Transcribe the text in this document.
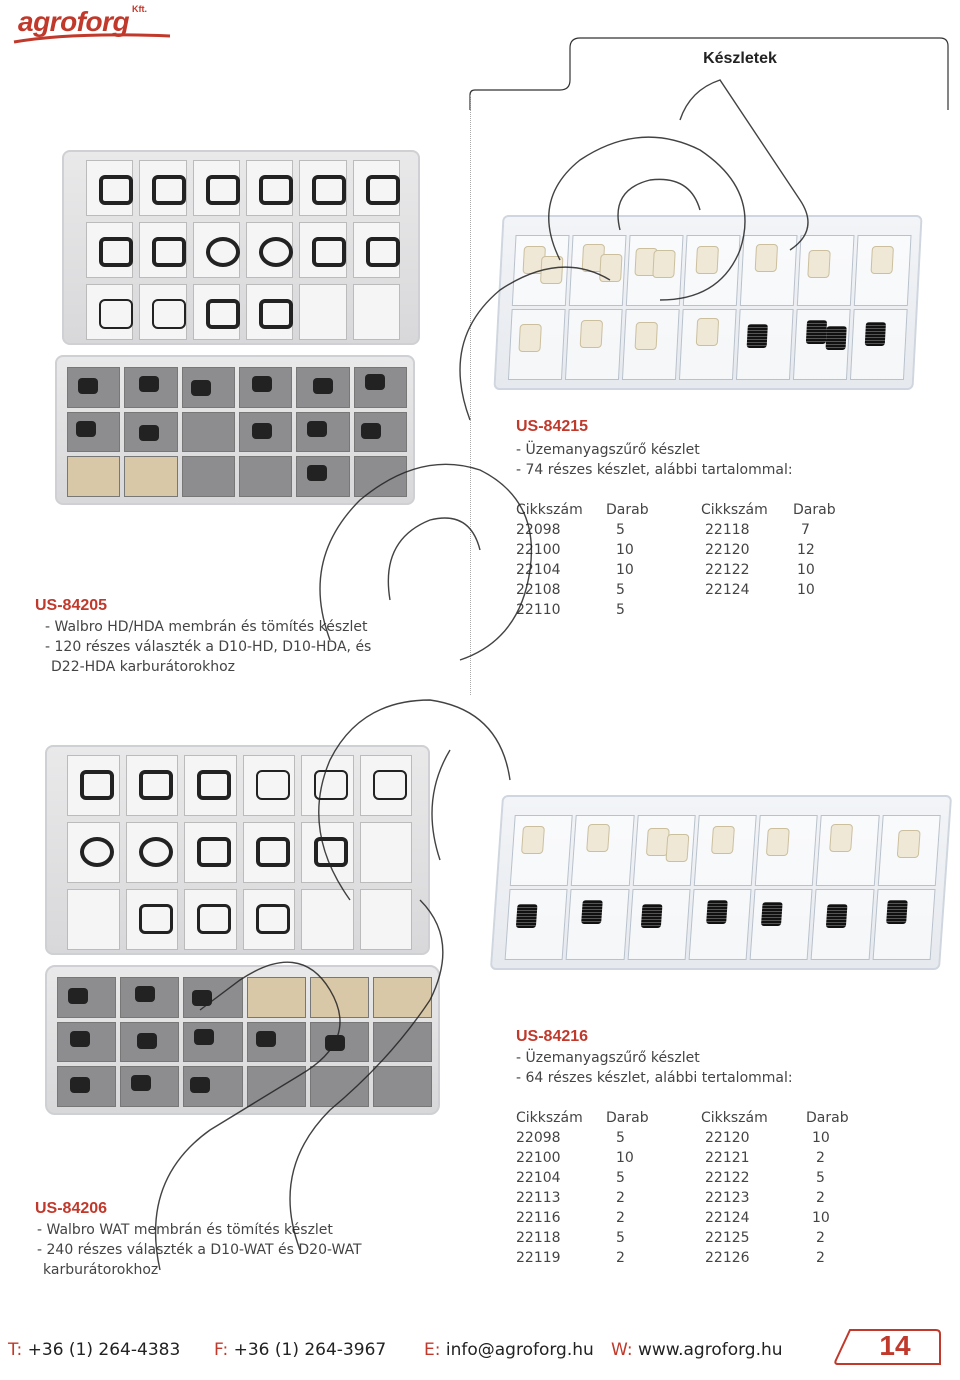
agroforg Kft.
Készletek
US-84205
- Walbro HD/HDA membrán és tömítés készlet
- 120 részes választék a D10-HD, D10-HDA, és
D22-HDA karburátorokhoz
US-84215
- Üzemanyagszűrő készlet
- 74 részes készlet, alábbi tartalommal:
Cikkszám	Darab	Cikkszám	Darab
22098	5	22118	7
22100	10	22120	12
22104	10	22122	10
22108	5	22124	10
22110	5		
US-84216
- Üzemanyagszűrő készlet
- 64 részes készlet, alábbi tertalommal:
Cikkszám	Darab	Cikkszám	Darab
22098	5	22120	10
22100	10	22121	2
22104	5	22122	5
22113	2	22123	2
22116	2	22124	10
22118	5	22125	2
22119	2	22126	2
US-84206
- Walbro WAT membrán és tömítés készlet
- 240 részes választék a D10-WAT és D20-WAT
karburátorokhoz
T: +36 (1) 264-4383 F: +36 (1) 264-3967 E: info@agroforg.hu W: www.agroforg.hu	14
